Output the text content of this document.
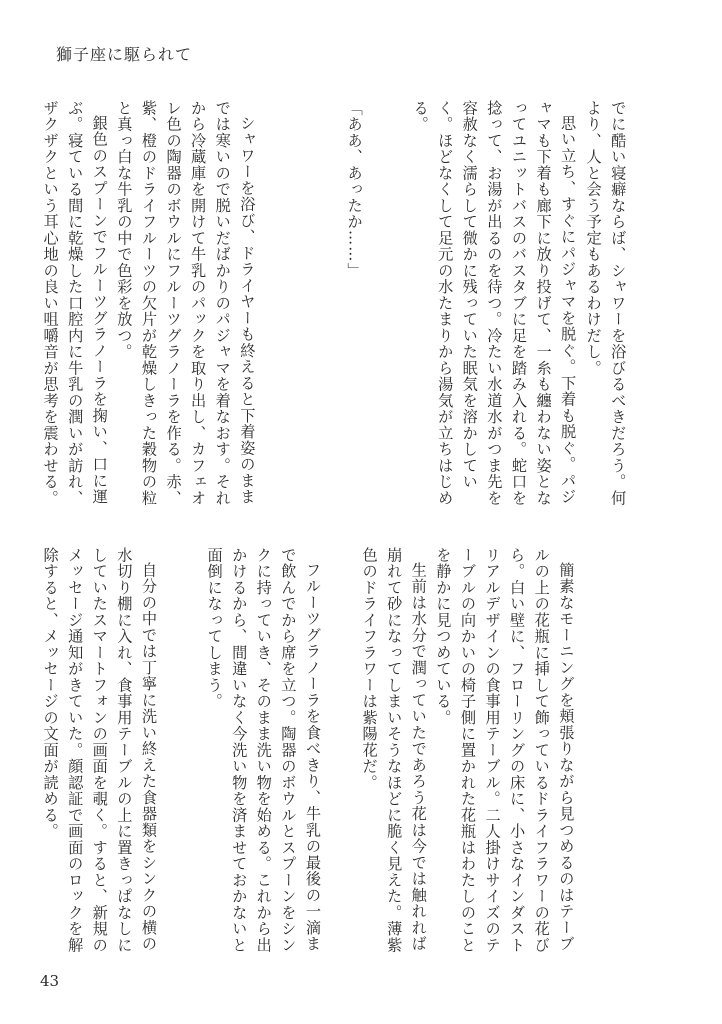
獅子座に駆られて
でに酷い寝癖ならば、シャワーを浴びるべきだろう。何より、人と会う予定もあるわけだし。
思い立ち、すぐにパジャマを脱ぐ。下着も脱ぐ。パジャマも下着も廊下に放り投げて、一糸も纏わない姿となってユニットバスのバスタブに足を踏み入れる。蛇口を捻って、お湯が出るのを待つ。冷たい水道水がつま先を容赦なく濡らして微かに残っていた眠気を溶かしていく。ほどなくして足元の水たまりから湯気が立ちはじめる。
「ああ、あったか……」
シャワーを浴び、ドライヤーも終えると下着姿のままでは寒いので脱いだばかりのパジャマを着なおす。それから冷蔵庫を開けて牛乳のパックを取り出し、カフェオレ色の陶器のボウルにフルーツグラノーラを作る。赤、紫、橙のドライフルーツの欠片が乾燥しきった穀物の粒と真っ白な牛乳の中で色彩を放つ。
銀色のスプーンでフルーツグラノーラを掬い、口に運ぶ。寝ている間に乾燥した口腔内に牛乳の潤いが訪れ、ザクザクという耳心地の良い咀嚼音が思考を震わせる。
簡素なモーニングを頬張りながら見つめるのはテーブルの上の花瓶に挿して飾っているドライフラワーの花びら。白い壁に、フローリングの床に、小さなインダストリアルデザインの食事用テーブル。二人掛けサイズのテーブルの向かいの椅子側に置かれた花瓶はわたしのことを静かに見つめている。
生前は水分で潤っていたであろう花は今では触れれば崩れて砂になってしまいそうなほどに脆く見えた。薄紫色のドライフラワーは紫陽花だ。
フルーツグラノーラを食べきり、牛乳の最後の一滴まで飲んでから席を立つ。陶器のボウルとスプーンをシンクに持っていき、そのまま洗い物を始める。これから出かけるから、間違いなく今洗い物を済ませておかないと面倒になってしまう。
自分の中では丁寧に洗い終えた食器類をシンクの横の水切り棚に入れ、食事用テーブルの上に置きっぱなしにしていたスマートフォンの画面を覗く。すると、新規のメッセージ通知がきていた。顔認証で画面のロックを解除すると、メッセージの文面が読める。
43
